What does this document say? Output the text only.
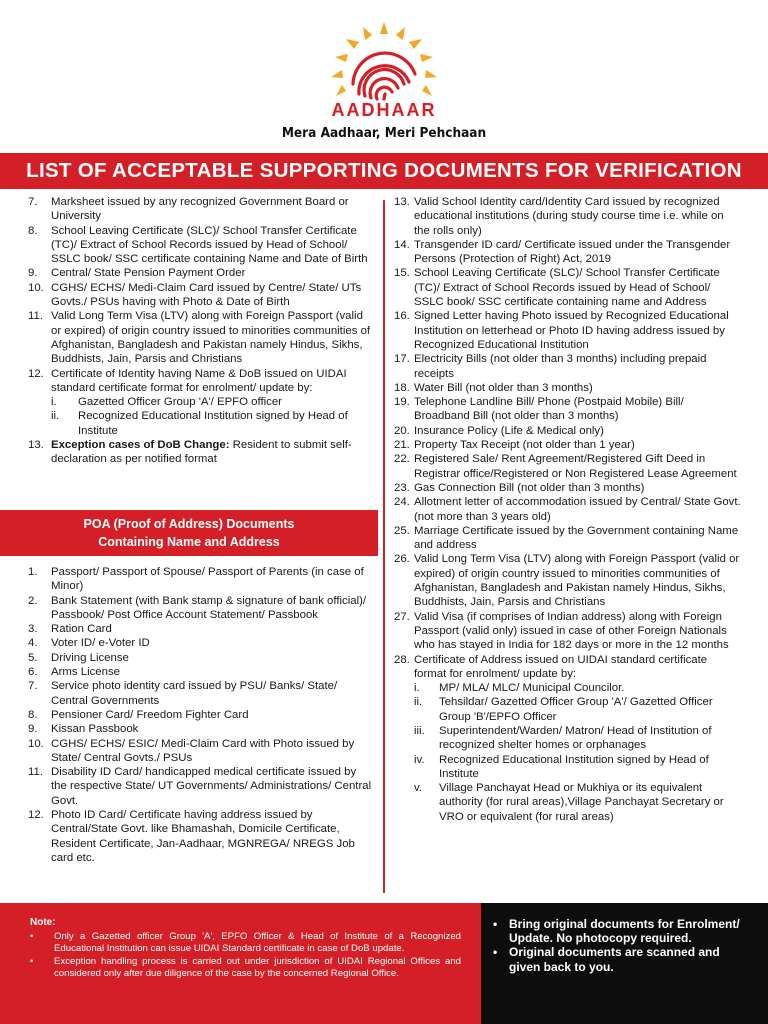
AADHAAR
Mera Aadhaar, Meri Pehchaan
LIST OF ACCEPTABLE SUPPORTING DOCUMENTS FOR VERIFICATION
7.	Marksheet issued by any recognized Government Board or University
8.	School Leaving Certificate (SLC)/ School Transfer Certificate (TC)/ Extract of School Records issued by Head of School/ SSLC book/ SSC certificate containing Name and Date of Birth
9.	Central/ State Pension Payment Order
10. CGHS/ ECHS/ Medi-Claim Card issued by Centre/ State/ UTs Govts./ PSUs having with Photo & Date of Birth
11. Valid Long Term Visa (LTV) along with Foreign Passport (valid or expired) of origin country issued to minorities communities of Afghanistan, Bangladesh and Pakistan namely Hindus, Sikhs, Buddhists, Jain, Parsis and Christians
12. Certificate of Identity having Name & DoB issued on UIDAI standard certificate format for enrolment/ update by:
i. Gazetted Officer Group 'A'/ EPFO officer
ii. Recognized Educational Institution signed by Head of Institute
13. Exception cases of DoB Change: Resident to submit self-declaration as per notified format
POA (Proof of Address) Documents
Containing Name and Address
1.	Passport/ Passport of Spouse/ Passport of Parents (in case of Minor)
2.	Bank Statement (with Bank stamp & signature of bank official)/ Passbook/ Post Office Account Statement/ Passbook
3.	Ration Card
4.	Voter ID/ e-Voter ID
5.	Driving License
6.	Arms License
7.	Service photo identity card issued by PSU/ Banks/ State/ Central Governments
8.	Pensioner Card/ Freedom Fighter Card
9.	Kissan Passbook
10. CGHS/ ECHS/ ESIC/ Medi-Claim Card with Photo issued by State/ Central Govts./ PSUs
11. Disability ID Card/ handicapped medical certificate issued by the respective State/ UT Governments/ Administrations/ Central Govt.
12. Photo ID Card/ Certificate having address issued by Central/State Govt. like Bhamashah, Domicile Certificate, Resident Certificate, Jan-Aadhaar, MGNREGA/ NREGS Job card etc.
13. Valid School Identity card/Identity Card issued by recognized educational institutions (during study course time i.e. while on the rolls only)
14. Transgender ID card/ Certificate issued under the Transgender Persons (Protection of Right) Act, 2019
15. School Leaving Certificate (SLC)/ School Transfer Certificate (TC)/ Extract of School Records issued by Head of School/ SSLC book/ SSC certificate containing name and Address
16. Signed Letter having Photo issued by Recognized Educational Institution on letterhead or Photo ID having address issued by Recognized Educational Institution
17. Electricity Bills (not older than 3 months) including prepaid receipts
18. Water Bill (not older than 3 months)
19. Telephone Landline Bill/ Phone (Postpaid Mobile) Bill/ Broadband Bill (not older than 3 months)
20. Insurance Policy (Life & Medical only)
21. Property Tax Receipt (not older than 1 year)
22. Registered Sale/ Rent Agreement/Registered Gift Deed in Registrar office/Registered or Non Registered Lease Agreement
23. Gas Connection Bill (not older than 3 months)
24. Allotment letter of accommodation issued by Central/ State Govt. (not more than 3 years old)
25. Marriage Certificate issued by the Government containing Name and address
26. Valid Long Term Visa (LTV) along with Foreign Passport (valid or expired) of origin country issued to minorities communities of Afghanistan, Bangladesh and Pakistan namely Hindus, Sikhs, Buddhists, Jain, Parsis and Christians
27. Valid Visa (if comprises of Indian address) along with Foreign Passport (valid only) issued in case of other Foreign Nationals who has stayed in India for 182 days or more in the 12 months
28. Certificate of Address issued on UIDAI standard certificate format for enrolment/ update by:
i. MP/ MLA/ MLC/ Municipal Councilor.
ii. Tehsildar/ Gazetted Officer Group 'A'/ Gazetted Officer Group 'B'/EPFO Officer
iii. Superintendent/Warden/ Matron/ Head of Institution of recognized shelter homes or orphanages
iv. Recognized Educational Institution signed by Head of Institute
v. Village Panchayat Head or Mukhiya or its equivalent authority (for rural areas),Village Panchayat Secretary or VRO or equivalent (for rural areas)
Note:
• Only a Gazetted officer Group 'A', EPFO Officer & Head of Institute of a Recognized Educational Institution can issue UIDAI Standard certificate in case of DoB update.
• Exception handling process is carried out under jurisdiction of UIDAI Regional Offices and considered only after due diligence of the case by the concerned Regional Office.
• Bring original documents for Enrolment/ Update. No photocopy required.
• Original documents are scanned and given back to you.
